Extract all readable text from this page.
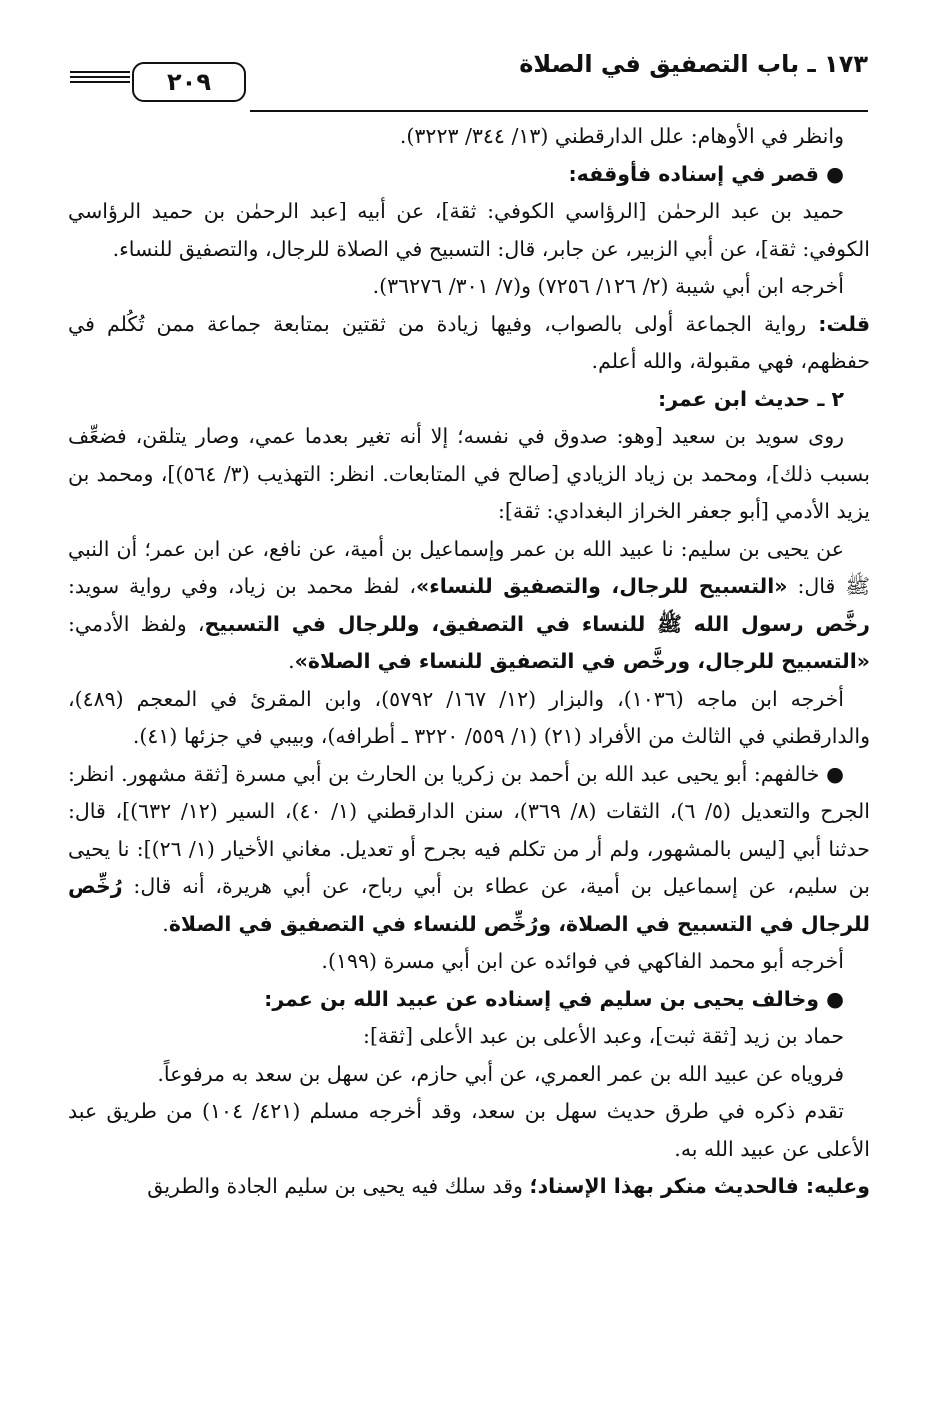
١٧٣ ـ باب التصفيق في الصلاة
٢٠٩

وانظر في الأوهام: علل الدارقطني (١٣/ ٣٤٤/ ٣٢٢٣).

● قصر في إسناده فأوقفه:

حميد بن عبد الرحمٰن [الرؤاسي الكوفي: ثقة]، عن أبيه [عبد الرحمٰن بن حميد الرؤاسي الكوفي: ثقة]، عن أبي الزبير، عن جابر، قال: التسبيح في الصلاة للرجال، والتصفيق للنساء.

أخرجه ابن أبي شيبة (٢/ ١٢٦/ ٧٢٥٦) و(٧/ ٣٠١/ ٣٦٢٧٦).

قلت: رواية الجماعة أولى بالصواب، وفيها زيادة من ثقتين بمتابعة جماعة ممن تُكُلم في حفظهم، فهي مقبولة، والله أعلم.

٢ ـ حديث ابن عمر:

روى سويد بن سعيد [وهو: صدوق في نفسه؛ إلا أنه تغير بعدما عمي، وصار يتلقن، فضعِّف بسبب ذلك]، ومحمد بن زياد الزيادي [صالح في المتابعات. انظر: التهذيب (٣/ ٥٦٤)]، ومحمد بن يزيد الأدمي [أبو جعفر الخراز البغدادي: ثقة]:

عن يحيى بن سليم: نا عبيد الله بن عمر وإسماعيل بن أمية، عن نافع، عن ابن عمر؛ أن النبي ﷺ قال: «التسبيح للرجال، والتصفيق للنساء»، لفظ محمد بن زياد، وفي رواية سويد: رخَّص رسول الله ﷺ للنساء في التصفيق، وللرجال في التسبيح، ولفظ الأدمي: «التسبيح للرجال، ورخَّص في التصفيق للنساء في الصلاة».

أخرجه ابن ماجه (١٠٣٦)، والبزار (١٢/ ١٦٧/ ٥٧٩٢)، وابن المقرئ في المعجم (٤٨٩)، والدارقطني في الثالث من الأفراد (٢١) (١/ ٥٥٩/ ٣٢٢٠ ـ أطرافه)، وبيبي في جزئها (٤١).

● خالفهم: أبو يحيى عبد الله بن أحمد بن زكريا بن الحارث بن أبي مسرة [ثقة مشهور. انظر: الجرح والتعديل (٥/ ٦)، الثقات (٨/ ٣٦٩)، سنن الدارقطني (١/ ٤٠)، السير (١٢/ ٦٣٢)]، قال: حدثنا أبي [ليس بالمشهور، ولم أر من تكلم فيه بجرح أو تعديل. مغاني الأخيار (١/ ٢٦)]: نا يحيى بن سليم، عن إسماعيل بن أمية، عن عطاء بن أبي رباح، عن أبي هريرة، أنه قال: رُخِّص للرجال في التسبيح في الصلاة، ورُخِّص للنساء في التصفيق في الصلاة.

أخرجه أبو محمد الفاكهي في فوائده عن ابن أبي مسرة (١٩٩).

● وخالف يحيى بن سليم في إسناده عن عبيد الله بن عمر:

حماد بن زيد [ثقة ثبت]، وعبد الأعلى بن عبد الأعلى [ثقة]:

فروياه عن عبيد الله بن عمر العمري، عن أبي حازم، عن سهل بن سعد به مرفوعاً.

تقدم ذكره في طرق حديث سهل بن سعد، وقد أخرجه مسلم (٤٢١/ ١٠٤) من طريق عبد الأعلى عن عبيد الله به.

وعليه: فالحديث منكر بهذا الإسناد؛ وقد سلك فيه يحيى بن سليم الجادة والطريق
